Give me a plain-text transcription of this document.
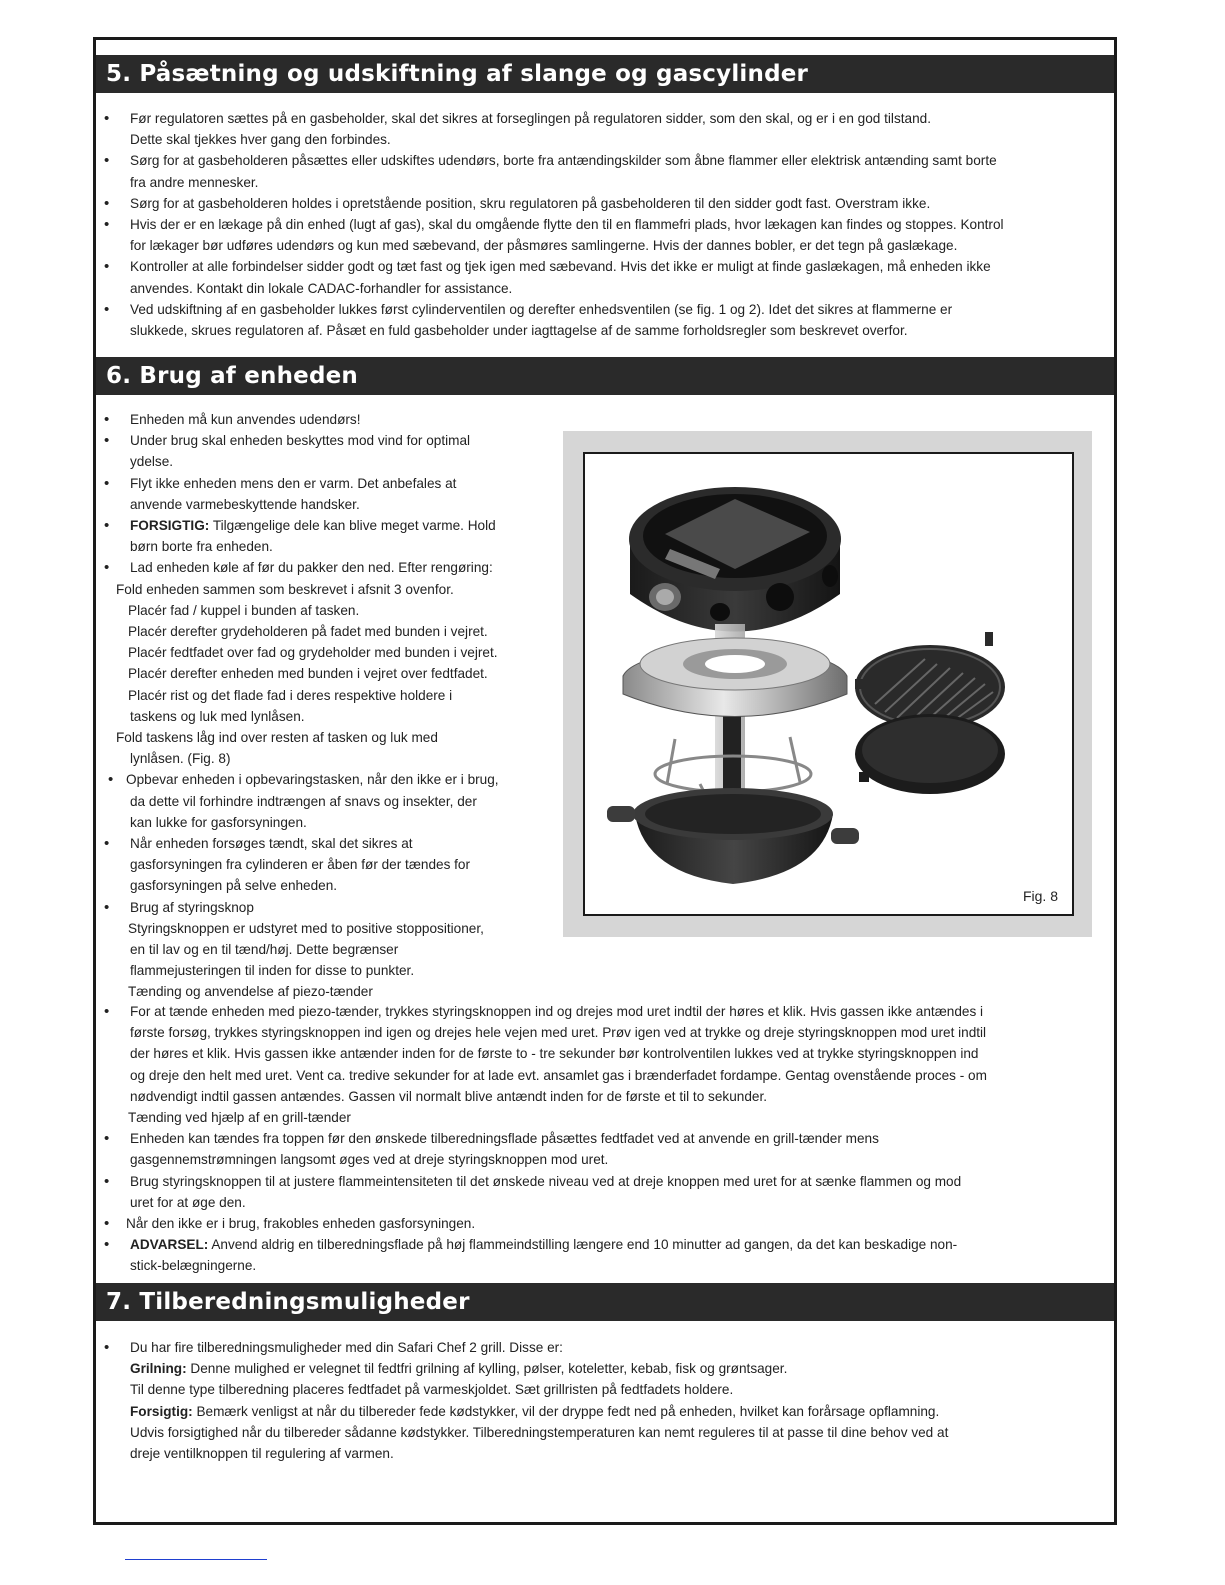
5. Påsætning og udskiftning af slange og gascylinder
• Før regulatoren sættes på en gasbeholder, skal det sikres at forseglingen på regulatoren sidder, som den skal, og er i en god tilstand.
Dette skal tjekkes hver gang den forbindes.
• Sørg for at gasbeholderen påsættes eller udskiftes udendørs, borte fra antændingskilder som åbne flammer eller elektrisk antænding samt borte
fra andre mennesker.
• Sørg for at gasbeholderen holdes i opretstående position, skru regulatoren på gasbeholderen til den sidder godt fast. Overstram ikke.
• Hvis der er en lækage på din enhed (lugt af gas), skal du omgående flytte den til en flammefri plads, hvor lækagen kan findes og stoppes. Kontrol
for lækager bør udføres udendørs og kun med sæbevand, der påsmøres samlingerne. Hvis der dannes bobler, er det tegn på gaslækage.
• Kontroller at alle forbindelser sidder godt og tæt fast og tjek igen med sæbevand. Hvis det ikke er muligt at finde gaslækagen, må enheden ikke
anvendes. Kontakt din lokale CADAC-forhandler for assistance.
• Ved udskiftning af en gasbeholder lukkes først cylinderventilen og derefter enhedsventilen (se fig. 1 og 2). Idet det sikres at flammerne er
slukkede, skrues regulatoren af. Påsæt en fuld gasbeholder under iagttagelse af de samme forholdsregler som beskrevet overfor.
6. Brug af enheden
• Enheden må kun anvendes udendørs!
• Under brug skal enheden beskyttes mod vind for optimal
ydelse.
• Flyt ikke enheden mens den er varm. Det anbefales at
anvende varmebeskyttende handsker.
• FORSIGTIG: Tilgængelige dele kan blive meget varme. Hold
børn borte fra enheden.
• Lad enheden køle af før du pakker den ned. Efter rengøring:
Fold enheden sammen som beskrevet i afsnit 3 ovenfor.
Placér fad / kuppel i bunden af tasken.
Placér derefter grydeholderen på fadet med bunden i vejret.
Placér fedtfadet over fad og grydeholder med bunden i vejret.
Placér derefter enheden med bunden i vejret over fedtfadet.
Placér rist og det flade fad i deres respektive holdere i
taskens og luk med lynlåsen.
Fold taskens låg ind over resten af tasken og luk med
lynlåsen. (Fig. 8)
• Opbevar enheden i opbevaringstasken, når den ikke er i brug,
da dette vil forhindre indtrængen af snavs og insekter, der
kan lukke for gasforsyningen.
• Når enheden forsøges tændt, skal det sikres at
gasforsyningen fra cylinderen er åben før der tændes for
gasforsyningen på selve enheden.
• Brug af styringsknop
Styringsknoppen er udstyret med to positive stoppositioner,
en til lav og en til tænd/høj. Dette begrænser
flammejusteringen til inden for disse to punkter.
Tænding og anvendelse af piezo-tænder
Fig. 8
• For at tænde enheden med piezo-tænder, trykkes styringsknoppen ind og drejes mod uret indtil der høres et klik. Hvis gassen ikke antændes i
første forsøg, trykkes styringsknoppen ind igen og drejes hele vejen med uret. Prøv igen ved at trykke og dreje styringsknoppen mod uret indtil
der høres et klik. Hvis gassen ikke antænder inden for de første to - tre sekunder bør kontrolventilen lukkes ved at trykke styringsknoppen ind
og dreje den helt med uret. Vent ca. tredive sekunder for at lade evt. ansamlet gas i brænderfadet fordampe. Gentag ovenstående proces - om
nødvendigt indtil gassen antændes. Gassen vil normalt blive antændt inden for de første et til to sekunder.
Tænding ved hjælp af en grill-tænder
• Enheden kan tændes fra toppen før den ønskede tilberedningsflade påsættes fedtfadet ved at anvende en grill-tænder mens
gasgennemstrømningen langsomt øges ved at dreje styringsknoppen mod uret.
• Brug styringsknoppen til at justere flammeintensiteten til det ønskede niveau ved at dreje knoppen med uret for at sænke flammen og mod
uret for at øge den.
• Når den ikke er i brug, frakobles enheden gasforsyningen.
• ADVARSEL: Anvend aldrig en tilberedningsflade på høj flammeindstilling længere end 10 minutter ad gangen, da det kan beskadige non-
stick-belægningerne.
7. Tilberedningsmuligheder
• Du har fire tilberedningsmuligheder med din Safari Chef 2 grill. Disse er:
Grilning: Denne mulighed er velegnet til fedtfri grilning af kylling, pølser, koteletter, kebab, fisk og grøntsager.
Til denne type tilberedning placeres fedtfadet på varmeskjoldet. Sæt grillristen på fedtfadets holdere.
Forsigtig: Bemærk venligst at når du tilbereder fede kødstykker, vil der dryppe fedt ned på enheden, hvilket kan forårsage opflamning.
Udvis forsigtighed når du tilbereder sådanne kødstykker. Tilberedningstemperaturen kan nemt reguleres til at passe til dine behov ved at
dreje ventilknoppen til regulering af varmen.
